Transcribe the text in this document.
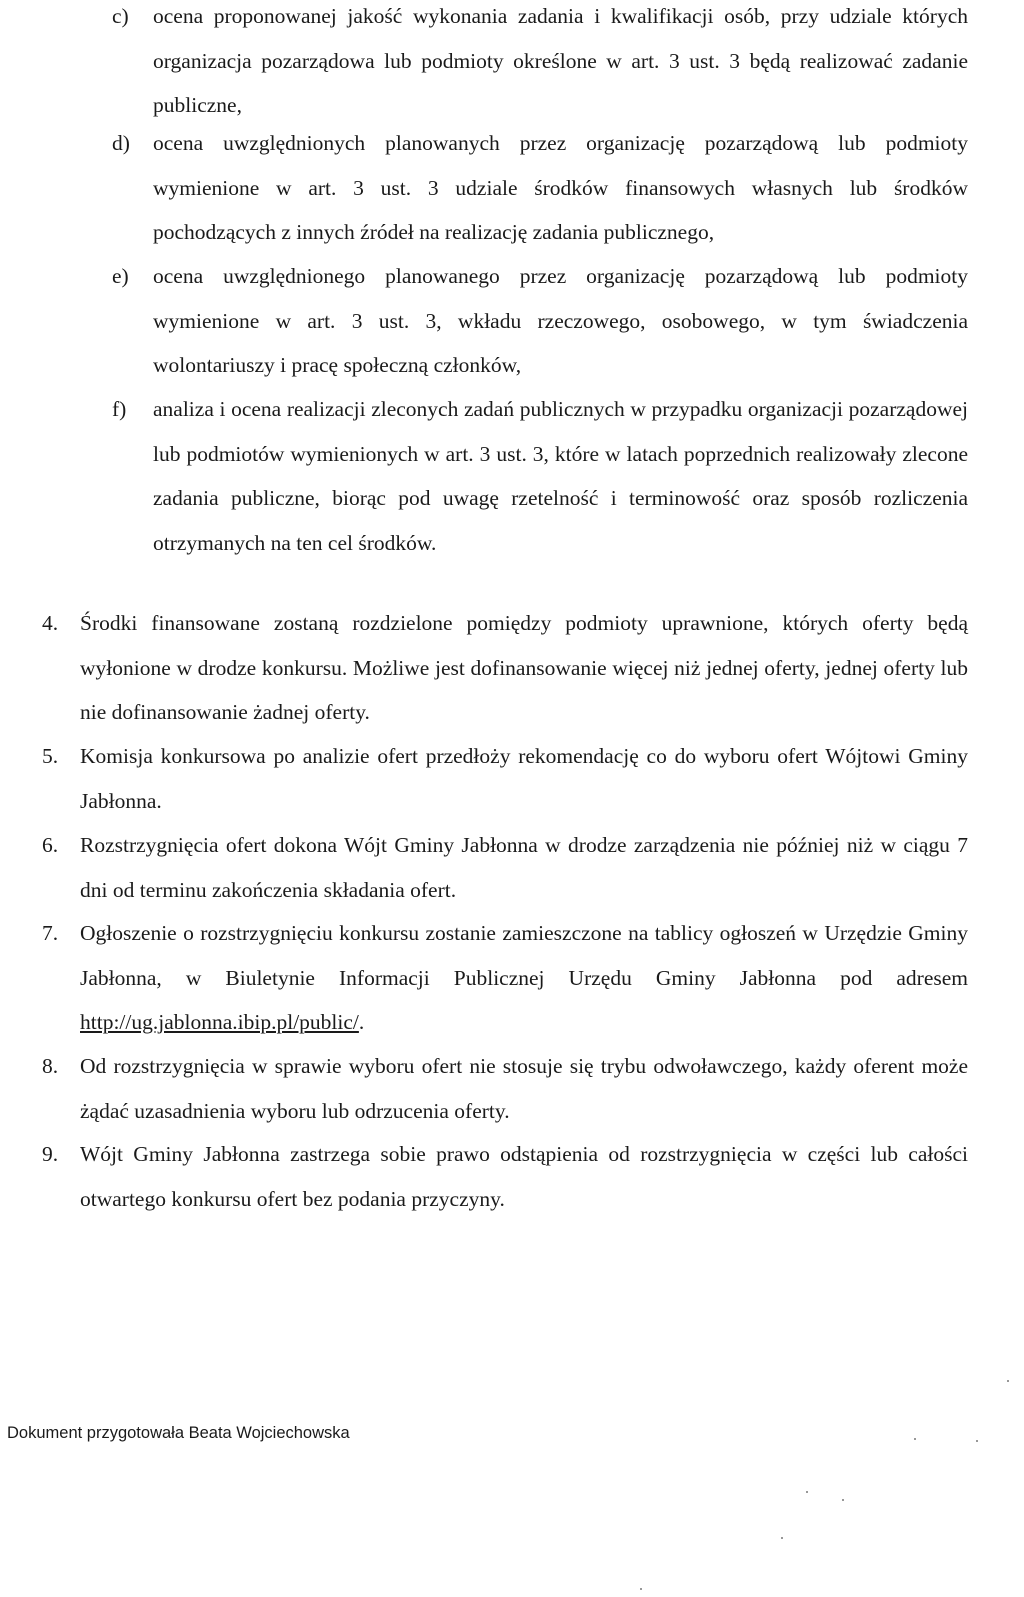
c) ocena proponowanej jakość wykonania zadania i kwalifikacji osób, przy udziale których organizacja pozarządowa lub podmioty określone w art. 3 ust. 3 będą realizować zadanie publiczne,
d) ocena uwzględnionych planowanych przez organizację pozarządową lub podmioty wymienione w art. 3 ust. 3 udziale środków finansowych własnych lub środków pochodzących z innych źródeł na realizację zadania publicznego,
e) ocena uwzględnionego planowanego przez organizację pozarządową lub podmioty wymienione w art. 3 ust. 3, wkładu rzeczowego, osobowego, w tym świadczenia wolontariuszy i pracę społeczną członków,
f) analiza i ocena realizacji zleconych zadań publicznych w przypadku organizacji pozarządowej lub podmiotów wymienionych w art. 3 ust. 3, które w latach poprzednich realizowały zlecone zadania publiczne, biorąc pod uwagę rzetelność i terminowość oraz sposób rozliczenia otrzymanych na ten cel środków.
4. Środki finansowane zostaną rozdzielone pomiędzy podmioty uprawnione, których oferty będą wyłonione w drodze konkursu. Możliwe jest dofinansowanie więcej niż jednej oferty, jednej oferty lub nie dofinansowanie żadnej oferty.
5. Komisja konkursowa po analizie ofert przedłoży rekomendację co do wyboru ofert Wójtowi Gminy Jabłonna.
6. Rozstrzygnięcia ofert dokona Wójt Gminy Jabłonna w drodze zarządzenia nie później niż w ciągu 7 dni od terminu zakończenia składania ofert.
7. Ogłoszenie o rozstrzygnięciu konkursu zostanie zamieszczone na tablicy ogłoszeń w Urzędzie Gminy Jabłonna, w Biuletynie Informacji Publicznej Urzędu Gminy Jabłonna pod adresem http://ug.jablonna.ibip.pl/public/.
8. Od rozstrzygnięcia w sprawie wyboru ofert nie stosuje się trybu odwoławczego, każdy oferent może żądać uzasadnienia wyboru lub odrzucenia oferty.
9. Wójt Gminy Jabłonna zastrzega sobie prawo odstąpienia od rozstrzygnięcia w części lub całości otwartego konkursu ofert bez podania przyczyny.
Dokument przygotowała Beata Wojciechowska
